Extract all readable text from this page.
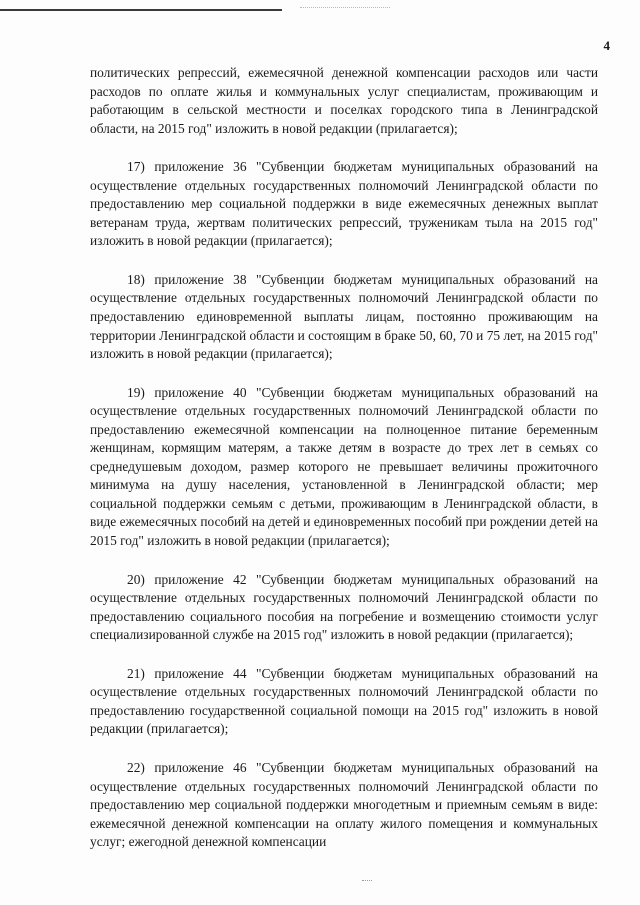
4

политических репрессий, ежемесячной денежной компенсации расходов или части расходов по оплате жилья и коммунальных услуг специалистам, проживающим и работающим в сельской местности и поселках городского типа в Ленинградской области, на 2015 год" изложить в новой редакции (прилагается);

17) приложение 36 "Субвенции бюджетам муниципальных образований на осуществление отдельных государственных полномочий Ленинградской области по предоставлению мер социальной поддержки в виде ежемесячных денежных выплат ветеранам труда, жертвам политических репрессий, труженикам тыла на 2015 год" изложить в новой редакции (прилагается);

18) приложение 38 "Субвенции бюджетам муниципальных образований на осуществление отдельных государственных полномочий Ленинградской области по предоставлению единовременной выплаты лицам, постоянно проживающим на территории Ленинградской области и состоящим в браке 50, 60, 70 и 75 лет, на 2015 год" изложить в новой редакции (прилагается);

19) приложение 40 "Субвенции бюджетам муниципальных образований на осуществление отдельных государственных полномочий Ленинградской области по предоставлению ежемесячной компенсации на полноценное питание беременным женщинам, кормящим матерям, а также детям в возрасте до трех лет в семьях со среднедушевым доходом, размер которого не превышает величины прожиточного минимума на душу населения, установленной в Ленинградской области; мер социальной поддержки семьям с детьми, проживающим в Ленинградской области, в виде ежемесячных пособий на детей и единовременных пособий при рождении детей на 2015 год" изложить в новой редакции (прилагается);

20) приложение 42 "Субвенции бюджетам муниципальных образований на осуществление отдельных государственных полномочий Ленинградской области по предоставлению социального пособия на погребение и возмещению стоимости услуг специализированной службе на 2015 год" изложить в новой редакции (прилагается);

21) приложение 44 "Субвенции бюджетам муниципальных образований на осуществление отдельных государственных полномочий Ленинградской области по предоставлению государственной социальной помощи на 2015 год" изложить в новой редакции (прилагается);

22) приложение 46 "Субвенции бюджетам муниципальных образований на осуществление отдельных государственных полномочий Ленинградской области по предоставлению мер социальной поддержки многодетным и приемным семьям в виде: ежемесячной денежной компенсации на оплату жилого помещения и коммунальных услуг; ежегодной денежной компенсации
